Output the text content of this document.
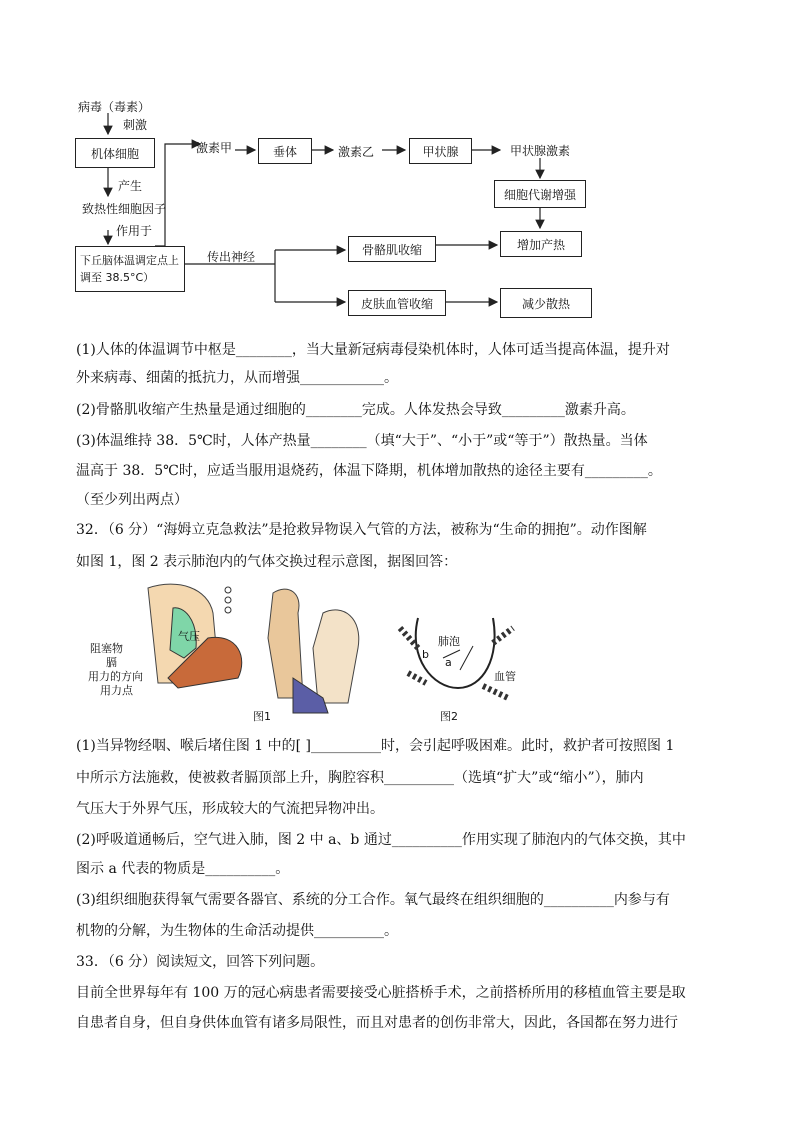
病毒（毒素）
刺激
机体细胞
产生
致热性细胞因子
作用于
下丘脑体温调定点上调至 38.5°C）
激素甲	垂体	激素乙	甲状腺	甲状腺激素
细胞代谢增强
增加产热
传出神经
骨骼肌收缩
皮肤血管收缩	减少散热
(1)人体的体温调节中枢是________，当大量新冠病毒侵染机体时，人体可适当提高体温，提升对
外来病毒、细菌的抵抗力，从而增强____________。
(2)骨骼肌收缩产生热量是通过细胞的________完成。人体发热会导致_________激素升高。
(3)体温维持 38．5℃时，人体产热量________（填“大于”、“小于”或“等于”）散热量。当体
温高于 38．5℃时，应适当服用退烧药，体温下降期，机体增加散热的途径主要有_________。
（至少列出两点）
32．（6 分）“海姆立克急救法”是抢救异物误入气管的方法，被称为“生命的拥抱”。动作图解
如图 1，图 2 表示肺泡内的气体交换过程示意图，据图回答：
阻塞物
膈
用力的方向
用力点
气压	肺泡
b
a
血管
图1	图2
(1)当异物经咽、喉后堵住图 1 中的[ ]__________时，会引起呼吸困难。此时，救护者可按照图 1
中所示方法施救，使被救者膈顶部上升，胸腔容积__________（选填“扩大”或“缩小”），肺内
气压大于外界气压，形成较大的气流把异物冲出。
(2)呼吸道通畅后，空气进入肺，图 2 中 a、b 通过__________作用实现了肺泡内的气体交换，其中
图示 a 代表的物质是__________。
(3)组织细胞获得氧气需要各器官、系统的分工合作。氧气最终在组织细胞的__________内参与有
机物的分解，为生物体的生命活动提供__________。
33．（6 分）阅读短文，回答下列问题。
目前全世界每年有 100 万的冠心病患者需要接受心脏搭桥手术，之前搭桥所用的移植血管主要是取
自患者自身，但自身供体血管有诸多局限性，而且对患者的创伤非常大，因此，各国都在努力进行
